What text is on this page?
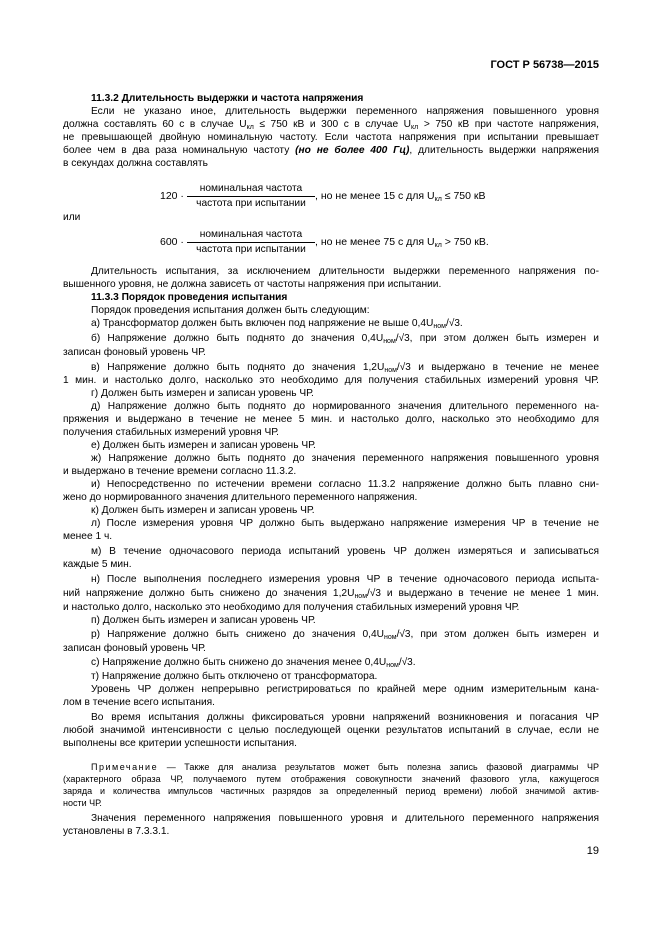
ГОСТ Р 56738—2015
11.3.2 Длительность выдержки и частота напряжения
Если не указано иное, длительность выдержки переменного напряжения повышенного уровня
должна составлять 60 с в случае $U_{кл} \le 750$ кВ и 300 с в случае $U_{кл} > 750$ кВ при частоте напряжения,
не превышающей двойную номинальную частоту. Если частота напряжения при испытании превышает
более чем в два раза номинальную частоту (но не более 400 Гц), длительность выдержки напряжения
в секундах должна составлять
120 ·
номинальная частота
частота при испытании
, но не менее 15 с для $U_{кл} \le 750$ кВ
или
600 ·
номинальная частота
частота при испытании
, но не менее 75 с для $U_{кл} > 750$ кВ.
Длительность испытания, за исключением длительности выдержки переменного напряжения по-
вышенного уровня, не должна зависеть от частоты напряжения при испытании.
11.3.3 Порядок проведения испытания
Порядок проведения испытания должен быть следующим:
а) Трансформатор должен быть включен под напряжение не выше $0,4U_{ном}/√3$.
б) Напряжение должно быть поднято до значения $0,4U_{ном}/√3$, при этом должен быть измерен и
записан фоновый уровень ЧР.
в) Напряжение должно быть поднято до значения $1,2U_{ном}/√3$ и выдержано в течение не менее
1 мин. и настолько долго, насколько это необходимо для получения стабильных измерений уровня ЧР.
г) Должен быть измерен и записан уровень ЧР.
д) Напряжение должно быть поднято до нормированного значения длительного переменного на-
пряжения и выдержано в течение не менее 5 мин. и настолько долго, насколько это необходимо для
получения стабильных измерений уровня ЧР.
е) Должен быть измерен и записан уровень ЧР.
ж) Напряжение должно быть поднято до значения переменного напряжения повышенного уровня
и выдержано в течение времени согласно 11.3.2.
и) Непосредственно по истечении времени согласно 11.3.2 напряжение должно быть плавно сни-
жено до нормированного значения длительного переменного напряжения.
к) Должен быть измерен и записан уровень ЧР.
л) После измерения уровня ЧР должно быть выдержано напряжение измерения ЧР в течение не
менее 1 ч.
м) В течение одночасового периода испытаний уровень ЧР должен измеряться и записываться
каждые 5 мин.
н) После выполнения последнего измерения уровня ЧР в течение одночасового периода испыта-
ний напряжение должно быть снижено до значения $1,2U_{ном}/√3$ и выдержано в течение не менее 1 мин.
и настолько долго, насколько это необходимо для получения стабильных измерений уровня ЧР.
п) Должен быть измерен и записан уровень ЧР.
р) Напряжение должно быть снижено до значения $0,4U_{ном}/√3$, при этом должен быть измерен и
записан фоновый уровень ЧР.
с) Напряжение должно быть снижено до значения менее $0,4U_{ном}/√3$.
т) Напряжение должно быть отключено от трансформатора.
Уровень ЧР должен непрерывно регистрироваться по крайней мере одним измерительным кана-
лом в течение всего испытания.
Во время испытания должны фиксироваться уровни напряжений возникновения и погасания ЧР
любой значимой интенсивности с целью последующей оценки результатов испытаний в случае, если не
выполнены все критерии успешности испытания.
Примечание — Также для анализа результатов может быть полезна запись фазовой диаграммы ЧР
(характерного образа ЧР, получаемого путем отображения совокупности значений фазового угла, кажущегося
заряда и количества импульсов частичных разрядов за определенный период времени) любой значимой актив-
ности ЧР.
Значения переменного напряжения повышенного уровня и длительного переменного напряжения
установлены в 7.3.3.1.
19
